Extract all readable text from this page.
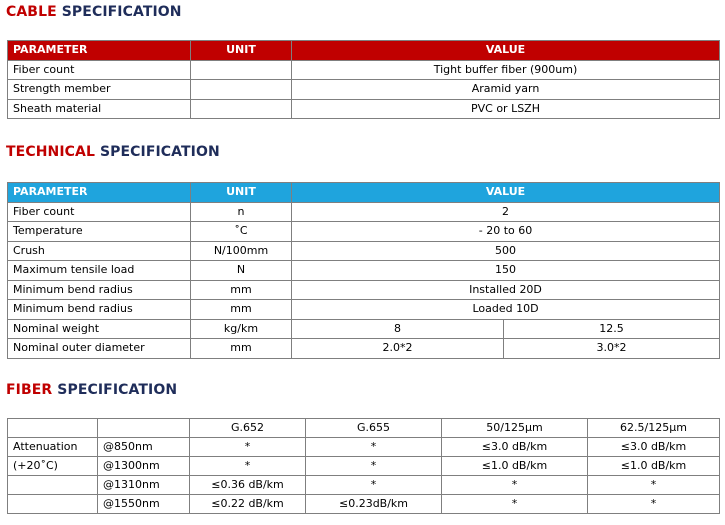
CABLE SPECIFICATION
PARAMETER	UNIT	VALUE
Fiber count		Tight buffer fiber (900um)
Strength member		Aramid yarn
Sheath material		PVC or LSZH
TECHNICAL SPECIFICATION
PARAMETER	UNIT	VALUE	
Fiber count	n	2	
Temperature	˚C	- 20 to 60	
Crush	N/100mm	500	
Maximum tensile load	N	150	
Minimum bend radius	mm	Installed 20D	
Minimum bend radius	mm	Loaded 10D	
Nominal weight	kg/km	8	12.5
Nominal outer diameter	mm	2.0*2	3.0*2
FIBER SPECIFICATION
		G.652	G.655	50/125μm	62.5/125μm
Attenuation	@850nm	*	*	≤3.0 dB/km	≤3.0 dB/km
(+20˚C)	@1300nm	*	*	≤1.0 dB/km	≤1.0 dB/km
	@1310nm	≤0.36 dB/km	*	*	*
	@1550nm	≤0.22 dB/km	≤0.23dB/km	*	*
